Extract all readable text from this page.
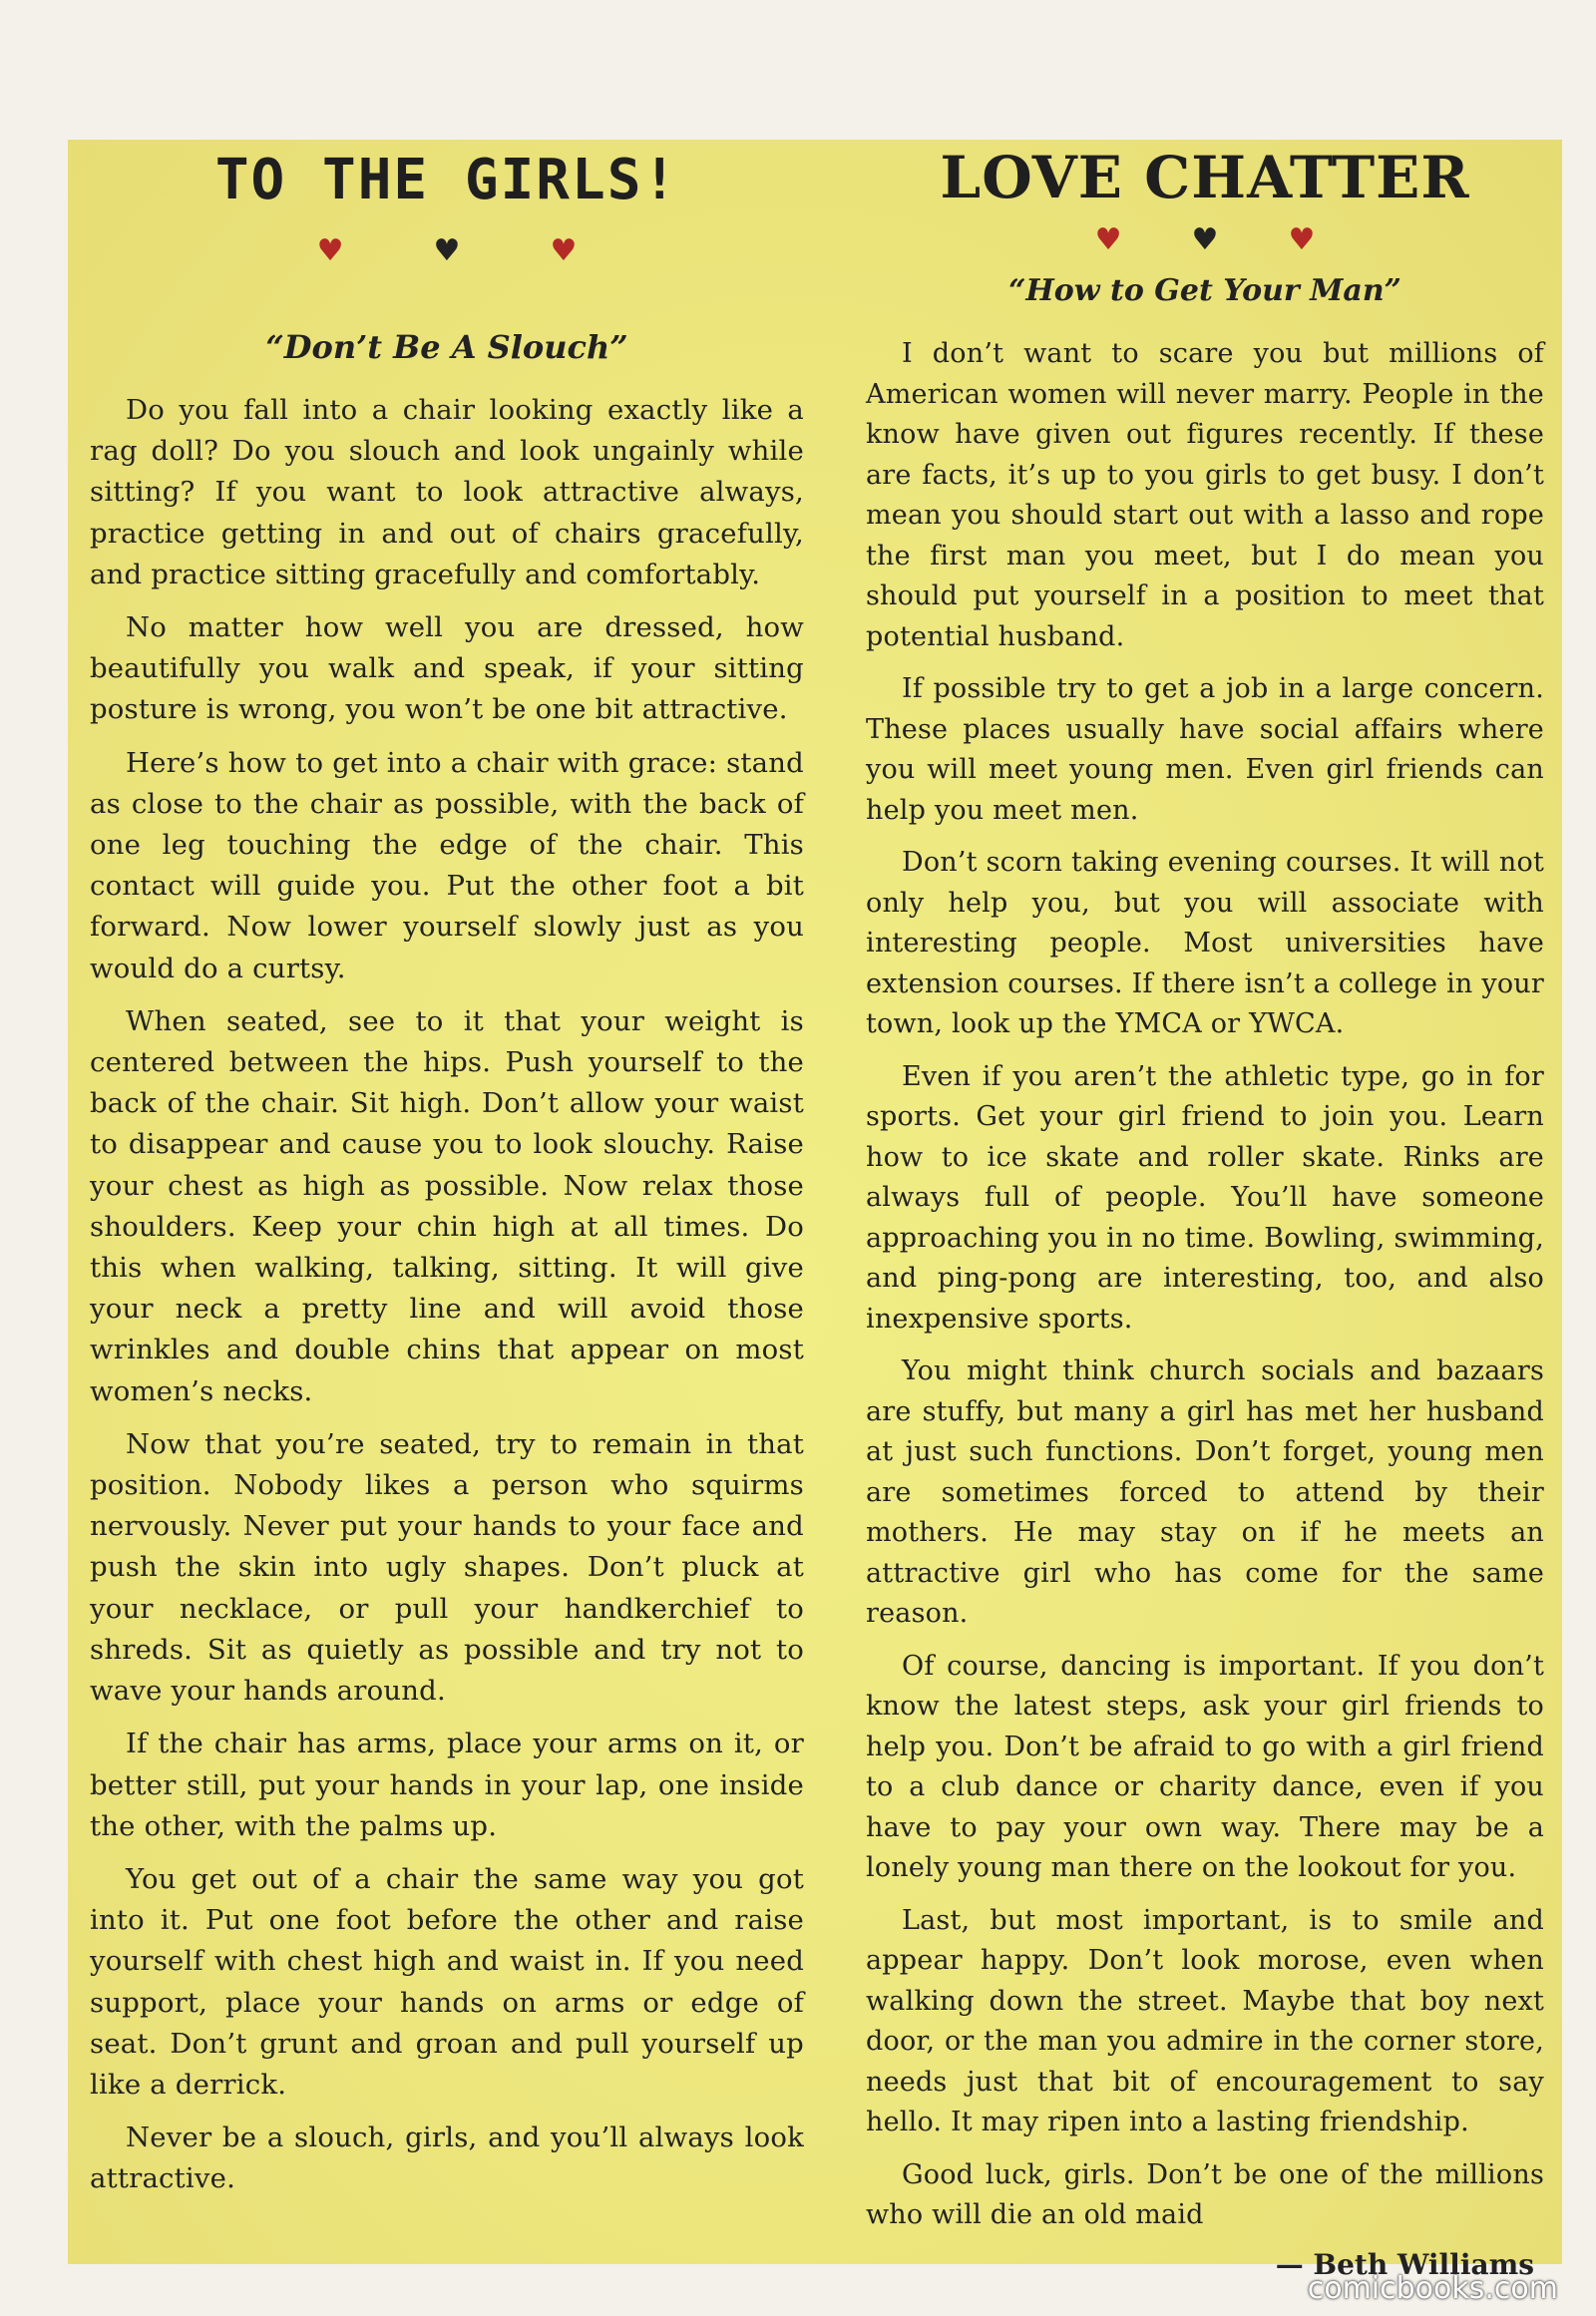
TO THE GIRLS!
♥	♥	♥
“Don’t Be A Slouch”

Do you fall into a chair looking exactly like a rag doll? Do you slouch and look ungainly while sitting? If you want to look attractive always, practice getting in and out of chairs gracefully, and practice sitting gracefully and comfortably.

No matter how well you are dressed, how beautifully you walk and speak, if your sitting posture is wrong, you won’t be one bit attractive.

Here’s how to get into a chair with grace: stand as close to the chair as possible, with the back of one leg touching the edge of the chair. This contact will guide you. Put the other foot a bit forward. Now lower yourself slowly just as you would do a curtsy.

When seated, see to it that your weight is centered between the hips. Push yourself to the back of the chair. Sit high. Don’t allow your waist to disappear and cause you to look slouchy. Raise your chest as high as possible. Now relax those shoulders. Keep your chin high at all times. Do this when walking, talking, sitting. It will give your neck a pretty line and will avoid those wrinkles and double chins that appear on most women’s necks.

Now that you’re seated, try to remain in that position. Nobody likes a person who squirms nervously. Never put your hands to your face and push the skin into ugly shapes. Don’t pluck at your necklace, or pull your handkerchief to shreds. Sit as quietly as possible and try not to wave your hands around.

If the chair has arms, place your arms on it, or better still, put your hands in your lap, one inside the other, with the palms up.

You get out of a chair the same way you got into it. Put one foot before the other and raise yourself with chest high and waist in. If you need support, place your hands on arms or edge of seat. Don’t grunt and groan and pull yourself up like a derrick.

Never be a slouch, girls, and you’ll always look attractive.

LOVE CHATTER
♥ ♥ ♥
“How to Get Your Man”

I don’t want to scare you but millions of American women will never marry. People in the know have given out figures recently. If these are facts, it’s up to you girls to get busy. I don’t mean you should start out with a lasso and rope the first man you meet, but I do mean you should put yourself in a position to meet that potential husband.

If possible try to get a job in a large concern. These places usually have social affairs where you will meet young men. Even girl friends can help you meet men.

Don’t scorn taking evening courses. It will not only help you, but you will associate with interesting people. Most universities have extension courses. If there isn’t a college in your town, look up the YMCA or YWCA.

Even if you aren’t the athletic type, go in for sports. Get your girl friend to join you. Learn how to ice skate and roller skate. Rinks are always full of people. You’ll have someone approaching you in no time. Bowling, swimming, and ping-pong are interesting, too, and also inexpensive sports.

You might think church socials and bazaars are stuffy, but many a girl has met her husband at just such functions. Don’t forget, young men are sometimes forced to attend by their mothers. He may stay on if he meets an attractive girl who has come for the same reason.

Of course, dancing is important. If you don’t know the latest steps, ask your girl friends to help you. Don’t be afraid to go with a girl friend to a club dance or charity dance, even if you have to pay your own way. There may be a lonely young man there on the lookout for you.

Last, but most important, is to smile and appear happy. Don’t look morose, even when walking down the street. Maybe that boy next door, or the man you admire in the corner store, needs just that bit of encouragement to say hello. It may ripen into a lasting friendship.

Good luck, girls. Don’t be one of the millions who will die an old maid

— Beth Williams
comicbooks.com
